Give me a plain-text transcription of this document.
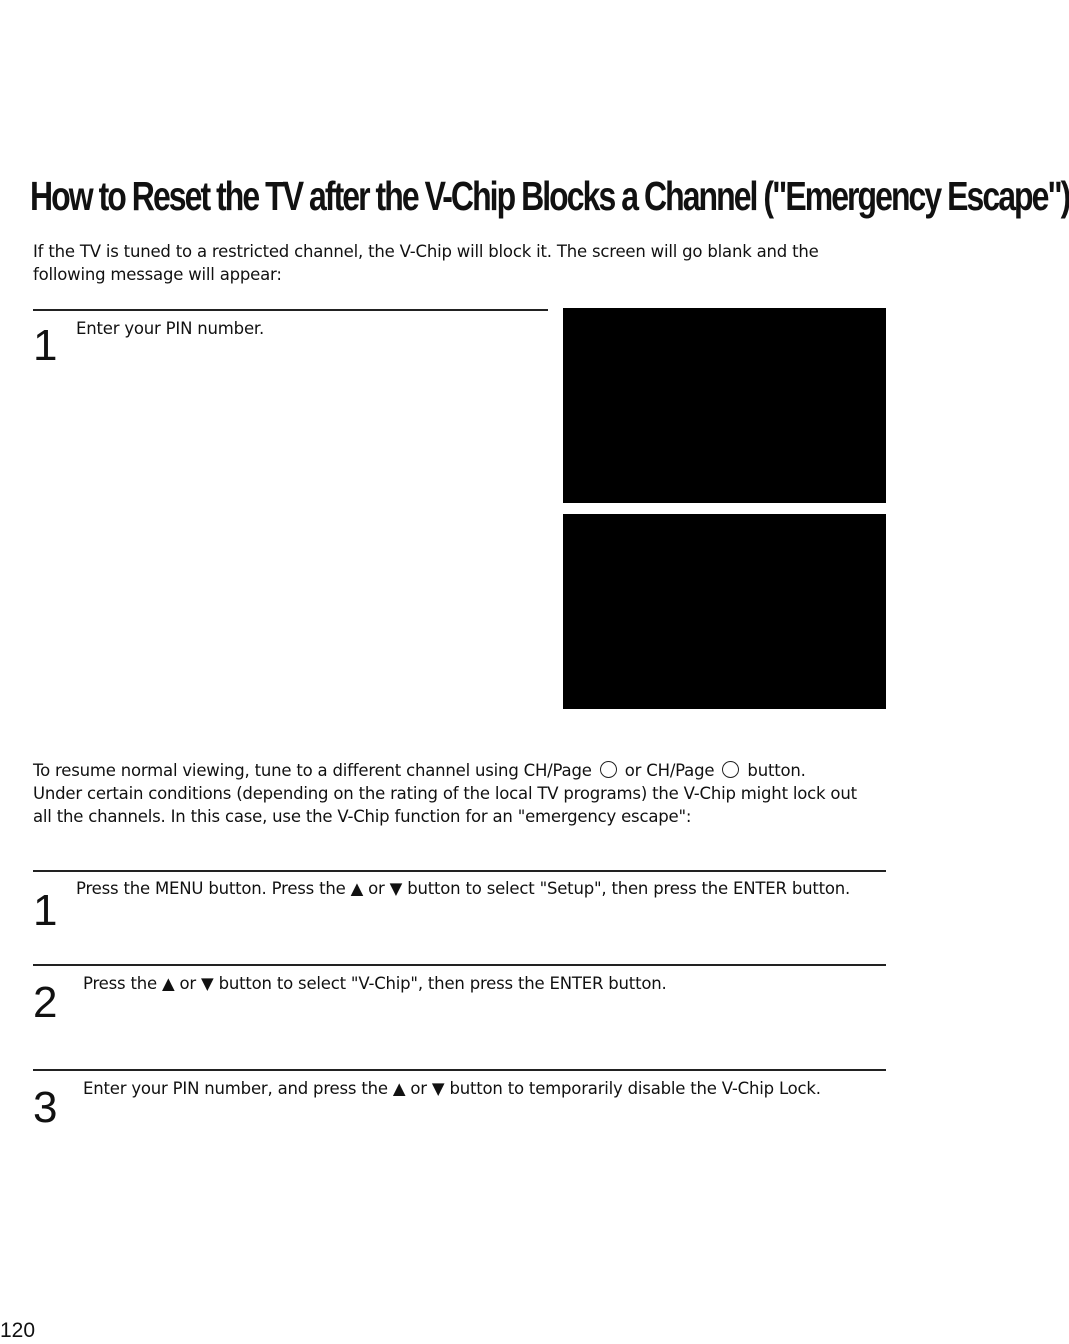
How to Reset the TV after the V-Chip Blocks a Channel ("Emergency Escape")
If the TV is tuned to a restricted channel, the V-Chip will block it. The screen will go blank and the
following message will appear:
1 Enter your PIN number.
To resume normal viewing, tune to a different channel using CH/Page or CH/Page button.
Under certain conditions (depending on the rating of the local TV programs) the V-Chip might lock out
all the channels. In this case, use the V-Chip function for an "emergency escape":
1 Press the MENU button. Press the ▲ or ▼ button to select "Setup", then press the ENTER button.
2 Press the ▲ or ▼ button to select "V-Chip", then press the ENTER button.
3 Enter your PIN number, and press the ▲ or ▼ button to temporarily disable the V-Chip Lock.
120
